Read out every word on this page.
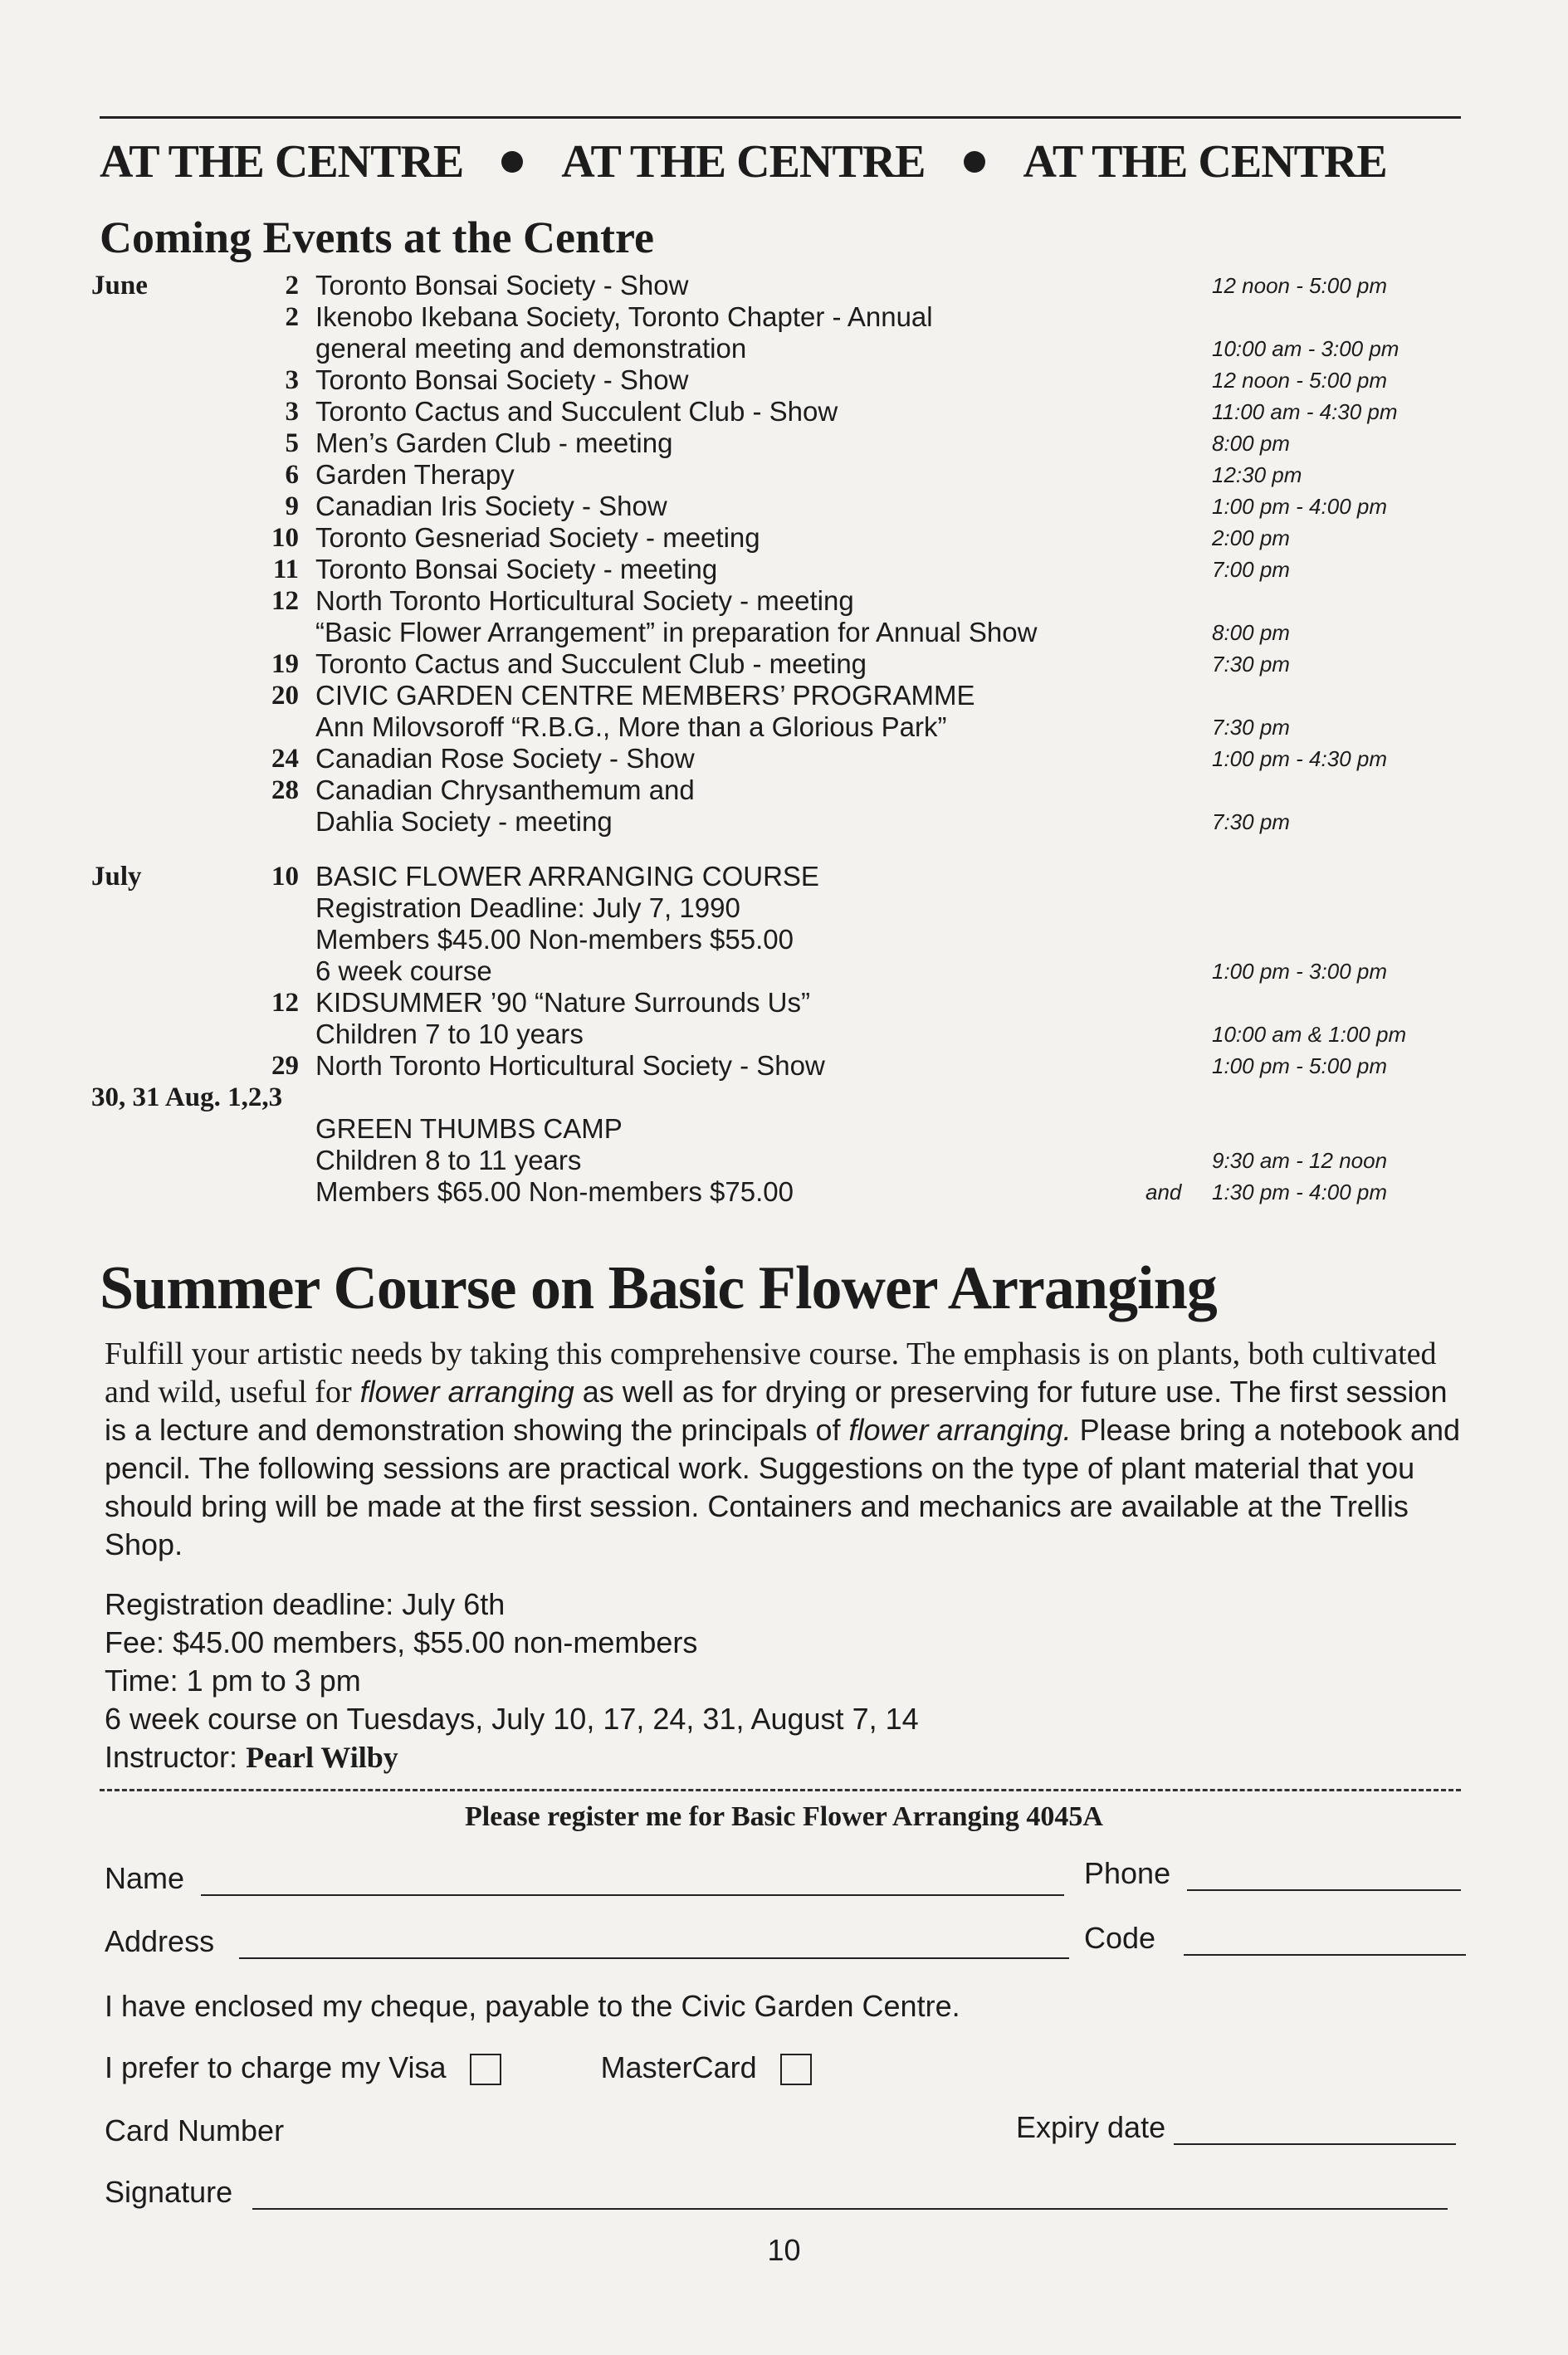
AT THE CENTRE AT THE CENTRE AT THE CENTRE
Coming Events at the Centre
June	2 Toronto Bonsai Society - Show	12 noon - 5:00 pm
2 Ikenobo Ikebana Society, Toronto Chapter - Annual
general meeting and demonstration	10:00 am - 3:00 pm
3 Toronto Bonsai Society - Show	12 noon - 5:00 pm
3 Toronto Cactus and Succulent Club - Show	11:00 am - 4:30 pm
5 Men’s Garden Club - meeting	8:00 pm
6 Garden Therapy	12:30 pm
9 Canadian Iris Society - Show	1:00 pm - 4:00 pm
10 Toronto Gesneriad Society - meeting	2:00 pm
11 Toronto Bonsai Society - meeting	7:00 pm
12 North Toronto Horticultural Society - meeting
“Basic Flower Arrangement” in preparation for Annual Show	8:00 pm
19 Toronto Cactus and Succulent Club - meeting	7:30 pm
20 CIVIC GARDEN CENTRE MEMBERS’ PROGRAMME
Ann Milovsoroff “R.B.G., More than a Glorious Park”	7:30 pm
24 Canadian Rose Society - Show	1:00 pm - 4:30 pm
28 Canadian Chrysanthemum and
Dahlia Society - meeting	7:30 pm
July	10 BASIC FLOWER ARRANGING COURSE
Registration Deadline: July 7, 1990
Members $45.00 Non-members $55.00
6 week course	1:00 pm - 3:00 pm
12 KIDSUMMER ’90 “Nature Surrounds Us”
Children 7 to 10 years	10:00 am & 1:00 pm
29 North Toronto Horticultural Society - Show	1:00 pm - 5:00 pm
30, 31 Aug. 1,2,3
GREEN THUMBS CAMP
Children 8 to 11 years
Members $65.00 Non-members $75.00	and
9:30 am - 12 noon
1:30 pm - 4:00 pm
Summer Course on Basic Flower Arranging
Fulfill your artistic needs by taking this comprehensive course. The emphasis is on plants, both cultivated and wild, useful for flower arranging as well as for drying or preserving for future use. The first session is a lecture and demonstration showing the principals of flower arranging. Please bring a notebook and pencil. The following sessions are practical work. Suggestions on the type of plant material that you should bring will be made at the first session. Containers and mechanics are available at the Trellis Shop.
Registration deadline: July 6th
Fee: $45.00 members, $55.00 non-members
Time: 1 pm to 3 pm
6 week course on Tuesdays, July 10, 17, 24, 31, August 7, 14
Instructor: Pearl Wilby
Please register me for Basic Flower Arranging 4045A
Name	Phone
Address	Code
I have enclosed my cheque, payable to the Civic Garden Centre.
I prefer to charge my Visa	MasterCard
Card Number	Expiry date
Signature
10
